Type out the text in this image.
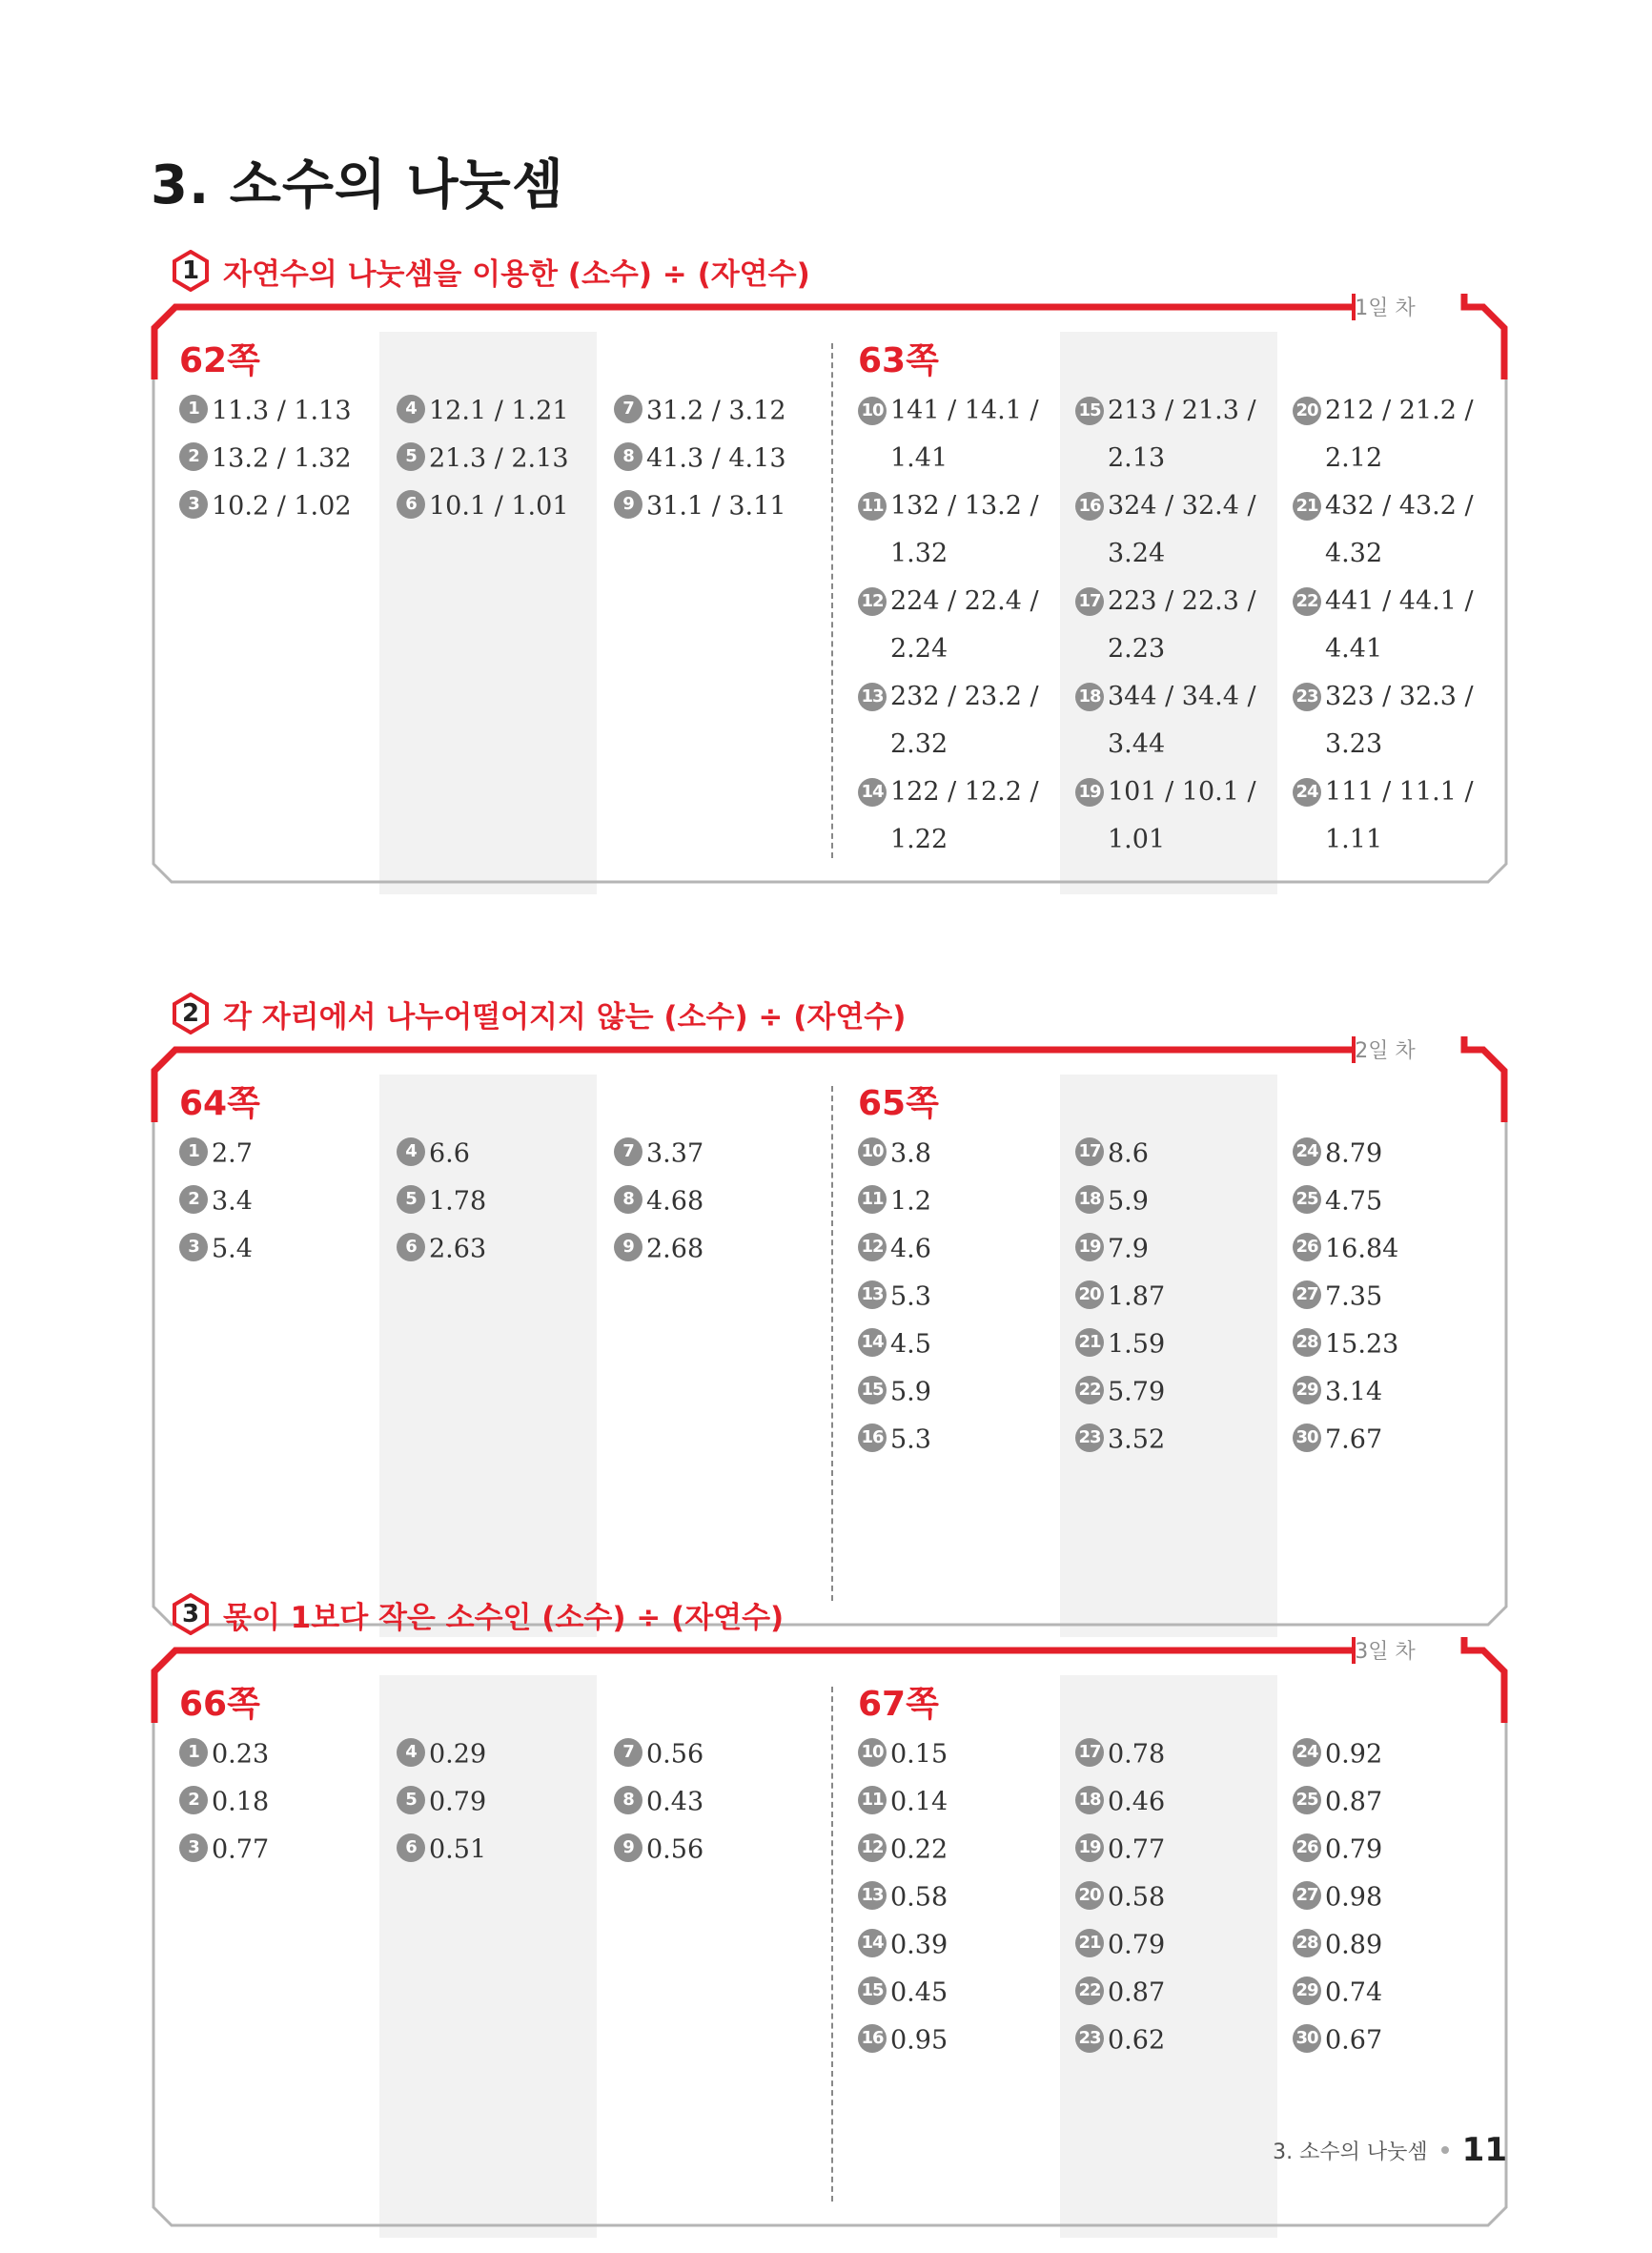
3. 소수의 나눗셈
1 자연수의 나눗셈을 이용한 (소수) ÷ (자연수)
1일 차
62쪽	63쪽
1 11.3 / 1.13
2 13.2 / 1.32
3 10.2 / 1.02
4 12.1 / 1.21
5 21.3 / 2.13
6 10.1 / 1.01
7 31.2 / 3.12
8 41.3 / 4.13
9 31.1 / 3.11
10 141 / 14.1 / 1.41
11 132 / 13.2 / 1.32
12 224 / 22.4 / 2.24
13 232 / 23.2 / 2.32
14 122 / 12.2 / 1.22
15 213 / 21.3 / 2.13
16 324 / 32.4 / 3.24
17 223 / 22.3 / 2.23
18 344 / 34.4 / 3.44
19 101 / 10.1 / 1.01
20 212 / 21.2 / 2.12
21 432 / 43.2 / 4.32
22 441 / 44.1 / 4.41
23 323 / 32.3 / 3.23
24 111 / 11.1 / 1.11
2 각 자리에서 나누어떨어지지 않는 (소수) ÷ (자연수)
2일 차
64쪽	65쪽
1 2.7
2 3.4
3 5.4
4 6.6
5 1.78
6 2.63
7 3.37
8 4.68
9 2.68
10 3.8
11 1.2
12 4.6
13 5.3
14 4.5
15 5.9
16 5.3
17 8.6
18 5.9
19 7.9
20 1.87
21 1.59
22 5.79
23 3.52
24 8.79
25 4.75
26 16.84
27 7.35
28 15.23
29 3.14
30 7.67
3 몫이 1보다 작은 소수인 (소수) ÷ (자연수)
3일 차
66쪽	67쪽
1 0.23
2 0.18
3 0.77
4 0.29
5 0.79
6 0.51
7 0.56
8 0.43
9 0.56
10 0.15
11 0.14
12 0.22
13 0.58
14 0.39
15 0.45
16 0.95
17 0.78
18 0.46
19 0.77
20 0.58
21 0.79
22 0.87
23 0.62
24 0.92
25 0.87
26 0.79
27 0.98
28 0.89
29 0.74
30 0.67
3. 소수의 나눗셈 11
